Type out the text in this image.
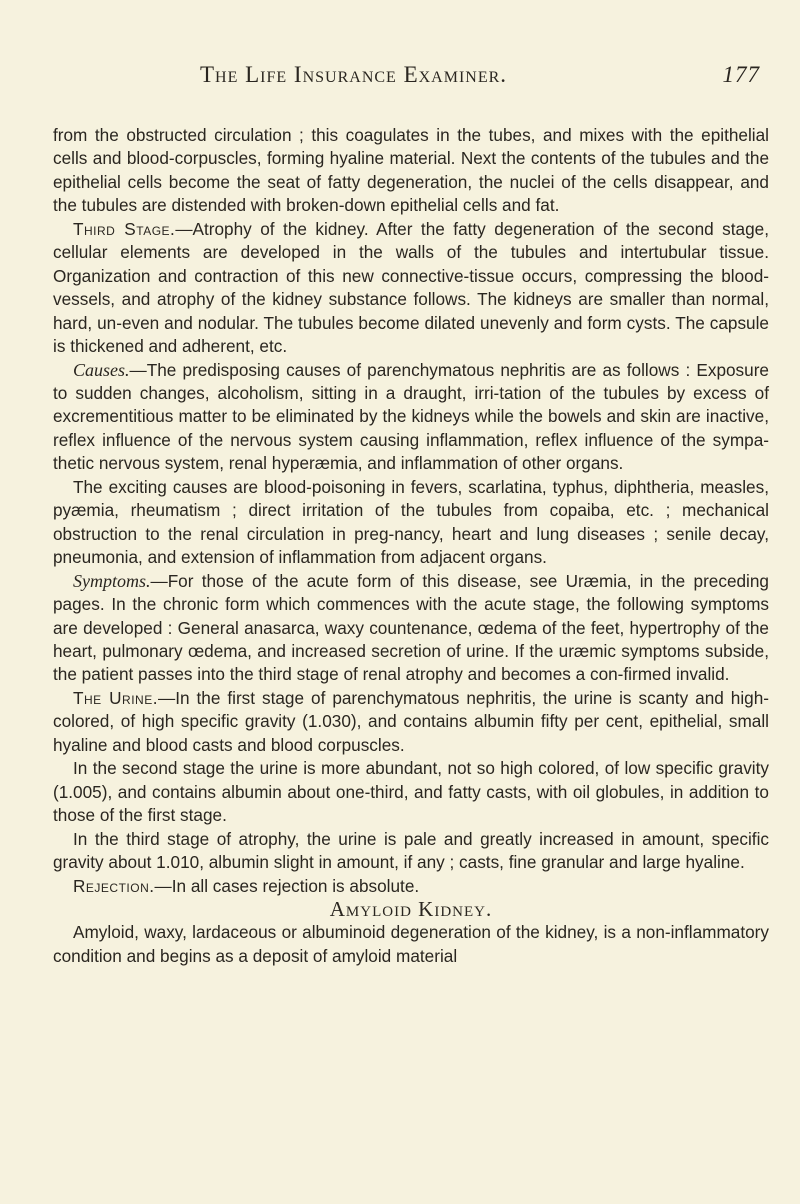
The Life Insurance Examiner.	177

from the obstructed circulation ; this coagulates in the tubes, and mixes with the epithelial cells and blood-corpuscles, forming hyaline material. Next the contents of the tubules and the epithelial cells become the seat of fatty degeneration, the nuclei of the cells disappear, and the tubules are distended with broken-down epithelial cells and fat.

Third Stage.—Atrophy of the kidney. After the fatty degeneration of the second stage, cellular elements are developed in the walls of the tubules and intertubular tissue. Organization and contraction of this new connective-tissue occurs, compressing the blood-vessels, and atrophy of the kidney substance follows. The kidneys are smaller than normal, hard, un-even and nodular. The tubules become dilated unevenly and form cysts. The capsule is thickened and adherent, etc.

Causes.—The predisposing causes of parenchymatous nephritis are as follows : Exposure to sudden changes, alcoholism, sitting in a draught, irri-tation of the tubules by excess of excrementitious matter to be eliminated by the kidneys while the bowels and skin are inactive, reflex influence of the nervous system causing inflammation, reflex influence of the sympa-thetic nervous system, renal hyperæmia, and inflammation of other organs.

The exciting causes are blood-poisoning in fevers, scarlatina, typhus, diphtheria, measles, pyæmia, rheumatism ; direct irritation of the tubules from copaiba, etc. ; mechanical obstruction to the renal circulation in preg-nancy, heart and lung diseases ; senile decay, pneumonia, and extension of inflammation from adjacent organs.

Symptoms.—For those of the acute form of this disease, see Uræmia, in the preceding pages. In the chronic form which commences with the acute stage, the following symptoms are developed : General anasarca, waxy countenance, œdema of the feet, hypertrophy of the heart, pulmonary œdema, and increased secretion of urine. If the uræmic symptoms subside, the patient passes into the third stage of renal atrophy and becomes a con-firmed invalid.

The Urine.—In the first stage of parenchymatous nephritis, the urine is scanty and high-colored, of high specific gravity (1.030), and contains albumin fifty per cent, epithelial, small hyaline and blood casts and blood corpuscles.

In the second stage the urine is more abundant, not so high colored, of low specific gravity (1.005), and contains albumin about one-third, and fatty casts, with oil globules, in addition to those of the first stage.

In the third stage of atrophy, the urine is pale and greatly increased in amount, specific gravity about 1.010, albumin slight in amount, if any ; casts, fine granular and large hyaline.

Rejection.—In all cases rejection is absolute.

Amyloid Kidney.

Amyloid, waxy, lardaceous or albuminoid degeneration of the kidney, is a non-inflammatory condition and begins as a deposit of amyloid material
